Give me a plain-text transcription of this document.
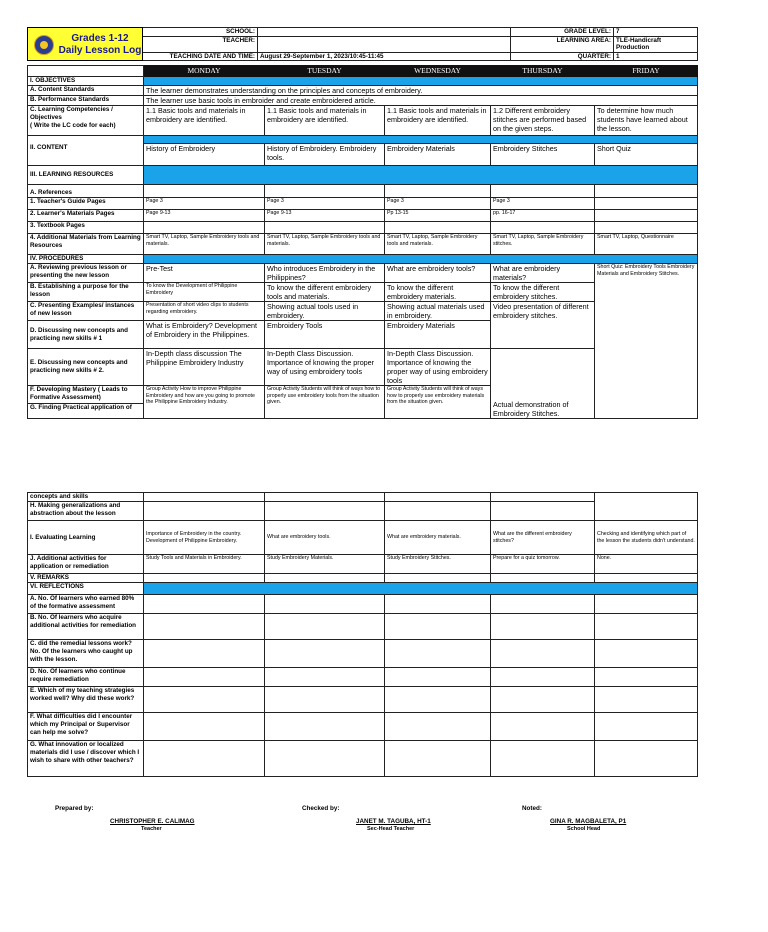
Grades 1-12
Daily Lesson Log	SCHOOL:		GRADE LEVEL:	7
	TEACHER:		LEARNING AREA:	TLE-Handicraft Production
	TEACHING DATE AND TIME:	August 29-September 1, 2023/10:45-11:45	QUARTER:	1
	MONDAY	TUESDAY	WEDNESDAY	THURSDAY	FRIDAY
I. OBJECTIVES					
A. Content Standards	The learner demonstrates understanding on the principles and concepts of embroidery.				
B. Performance Standards	The learner use basic tools in embroider and create embroidered article.				

C. Learning Competencies /
Objectives
( Write the LC code for each)	1.1 Basic tools and materials in embroidery are identified.	1.1 Basic tools and materials in embroidery are identified.	1.1 Basic tools and materials in embroidery are identified.	1.2 Different embroidery stitches are performed based on the given steps.	To determine how much students have learned about the lesson.

II. CONTENT	History of Embroidery	History of Embroidery. Embroidery tools.	Embroidery Materials	Embroidery Stitches	Short Quiz
III. LEARNING RESOURCES					
A. References					
1. Teacher's Guide Pages	Page 3	Page 3	Page 3	Page 3	
2. Learner's Materials Pages	Page 9-13	Page 9-13	Pp 13-15	pp. 16-17	
3. Textbook Pages					
4. Additional Materials from Learning Resources	Smart TV, Laptop, Sample Embroidery tools and materials.	Smart TV, Laptop, Sample Embroidery tools and materials.	Smart TV, Laptop, Sample Embroidery tools and materials.	Smart TV, Laptop, Sample Embroidery stitches.	Smart TV, Laptop, Questionnaire
IV. PROCEDURES					
A. Reviewing previous lesson or presenting the new lesson	Pre-Test	Who introduces Embroidery in the Philippines?	What are embroidery tools?	What are embroidery materials?	Short Quiz: Embroidery Tools Embroidery Materials and Embroidery Stitches.
B. Establishing a purpose for the lesson	To know the Development of Philippine Embroidery	To know the different embroidery tools and materials.	To know the different embroidery materials.	To know the different embroidery stitches.	
C. Presenting Examples/ instances of new lesson	Presentation of short video clips to students regarding embroidery.	Showing actual tools used in embroidery.	Showing actual materials used in embroidery.	Video presentation of different embroidery stitches.	
D. Discussing new concepts and practicing new skills # 1	What is Embroidery? Development of Embroidery in the Philippines.	Embroidery Tools	Embroidery Materials		
E. Discussing new concepts and practicing new skills # 2.	In-Depth class discussion The Philippine Embroidery Industry	In-Depth Class Discussion. Importance of knowing the proper way of using embroidery tools	In-Depth Class Discussion. Importance of knowing the proper way of using embroidery tools	Actual demonstration of Embroidery Stitches.	
F. Developing Mastery ( Leads to Formative Assessment)	Group Activity How to improve Philippine Embroidery and how are you going to promote the Philippine Embroidery Industry.	Group Activity Students will think of ways how to properly use embroidery tools from the situation given.	Group Activity Students will think of ways how to properly use embroidery materials from the situation given.		
G. Finding Practical application of					
concepts and skills					
H. Making generalizations and abstraction about the lesson					
I. Evaluating Learning	Importance of Embroidery in the country. Development of Philippine Embroidery.	What are embroidery tools.	What are embroidery materials.	What are the different embroidery stitches?	Checking and identifying which part of the lesson the students didn't understand.
J. Additional activities for application or remediation	Study Tools and Materials in Embroidery.	Study Embroidery Materials.	Study Embroidery Stitches.	Prepare for a quiz tomorrow.	None.
V. REMARKS					
VI. REFLECTIONS					
A. No. Of learners who earned 80% of the formative assessment					
B. No. Of learners who acquire additional activities for remediation					
C. did the remedial lessons work? No. Of the learners who caught up with the lesson.					
D. No. Of learners who continue require remediation					
E. Which of my teaching strategies worked well? Why did these work?					
F. What difficulties did I encounter which my Principal or Supervisor can help me solve?					
G. What innovation or localized materials did I use / discover which I wish to share with other teachers?					
Prepared by:
CHRISTOPHER E. CALIMAG
Teacher
Checked by:
JANET M. TAGUBA, HT-1
Sec-Head Teacher
Noted:
GINA R. MAGBALETA, P1
School Head
